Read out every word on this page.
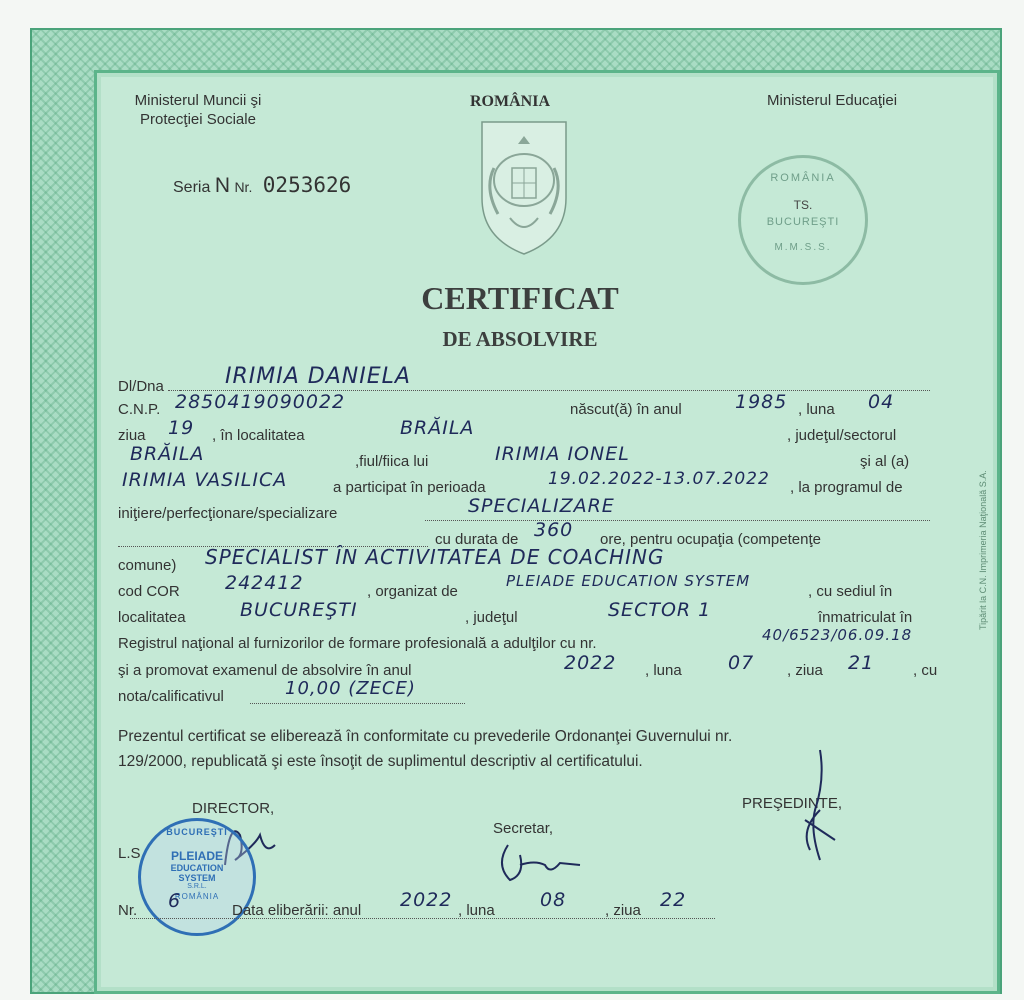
Tipărit la C.N. Imprimeria Naţională S.A.
Ministerul Muncii şi
Protecţiei Sociale
ROMÂNIA	Ministerul Educaţiei
Seria N Nr. 0253626	ROMÂNIA
TS.
BUCUREŞTI
M.M.S.S.
CERTIFICAT
DE ABSOLVIRE
Dl/Dna	IRIMIA DANIELA
C.N.P. 2850419090022	născut(ă) în anul	1985 , luna 04
ziua 19 , în localitatea	BRĂILA	, judeţul/sectorul
BRĂILA	,fiul/fiica lui	IRIMIA IONEL	şi al (a)
IRIMIA VASILICA	a participat în perioada	19.02.2022-13.07.2022 , la programul de
iniţiere/perfecţionare/specializare	SPECIALIZARE
cu durata de 360 ore, pentru ocupaţia (competenţe
comune) SPECIALIST ÎN ACTIVITATEA DE COACHING
cod COR 242412	, organizat de
PLEIADE EDUCATION SYSTEM
, cu sediul în
localitatea	BUCUREŞTI	, judeţul	SECTOR 1	înmatriculat în
Registrul naţional al furnizorilor de formare profesională a adulţilor cu nr.	40/6523/06.09.18
şi a promovat examenul de absolvire în anul	2022 , luna 07 , ziua 21	, cu
nota/calificativul	10,00 (ZECE)
Prezentul certificat se eliberează în conformitate cu prevederile Ordonanţei Guvernului nr.
129/2000, republicată şi este însoţit de suplimentul descriptiv al certificatului.
DIRECTOR,
Secretar,
PREŞEDINTE,
L.S.
BUCUREŞTI
PLEIADE
EDUCATION
SYSTEM
S.R.L.
ROMÂNIA
Nr. 6	Data eliberării: anul 2022 , luna 08	, ziua 22
